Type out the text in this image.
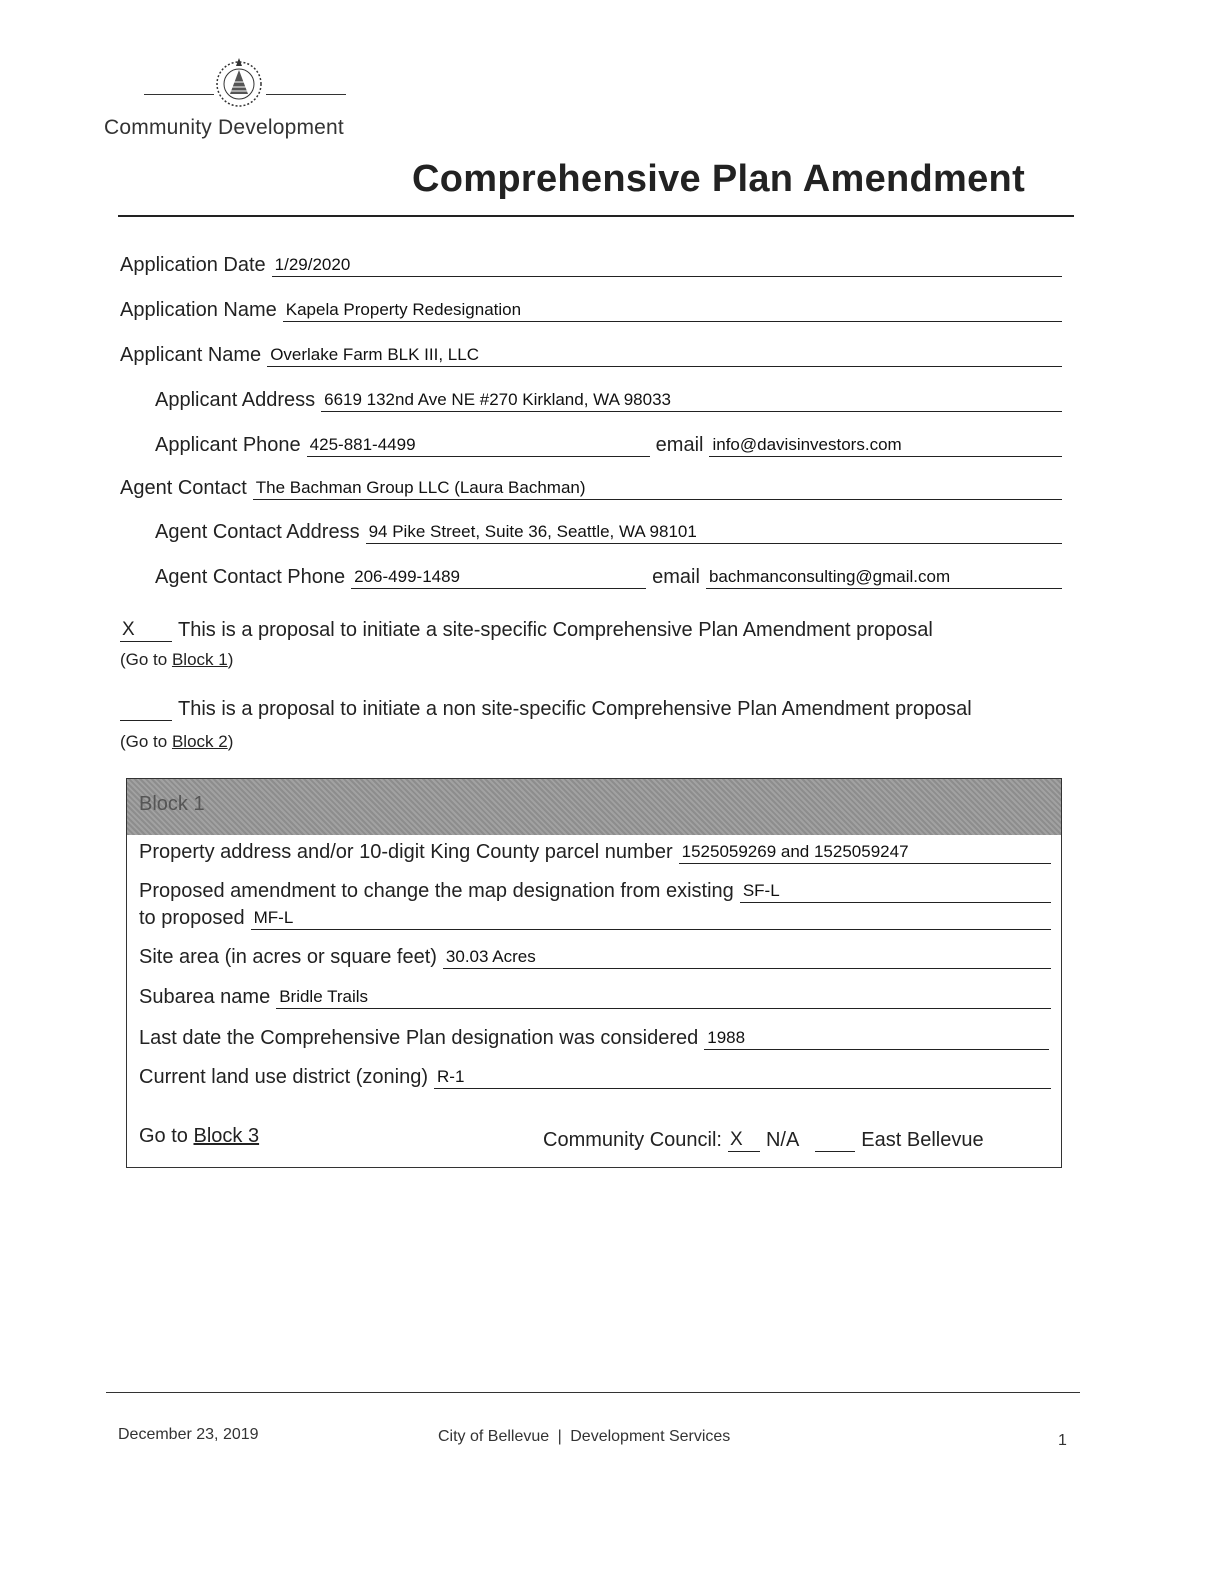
Community Development
Comprehensive Plan Amendment
Application Date 1/29/2020
Application Name Kapela Property Redesignation
Applicant Name Overlake Farm BLK III, LLC
Applicant Address 6619 132nd Ave NE #270 Kirkland, WA 98033
Applicant Phone 425-881-4499	email info@davisinvestors.com
Agent Contact The Bachman Group LLC (Laura Bachman)
Agent Contact Address 94 Pike Street, Suite 36, Seattle, WA 98101
Agent Contact Phone 206-499-1489	email bachmanconsulting@gmail.com
X	This is a proposal to initiate a site-specific Comprehensive Plan Amendment proposal
(Go to Block 1)
This is a proposal to initiate a non site-specific Comprehensive Plan Amendment proposal
(Go to Block 2)
Block 1
Property address and/or 10-digit King County parcel number 1525059269 and 1525059247
Proposed amendment to change the map designation from existing SF-L
to proposed MF-L
Site area (in acres or square feet) 30.03 Acres
Subarea name Bridle Trails
Last date the Comprehensive Plan designation was considered 1988
Current land use district (zoning) R-1
Go to Block 3	Community Council: X	N/A	East Bellevue
December 23, 2019	City of Bellevue | Development Services	1
